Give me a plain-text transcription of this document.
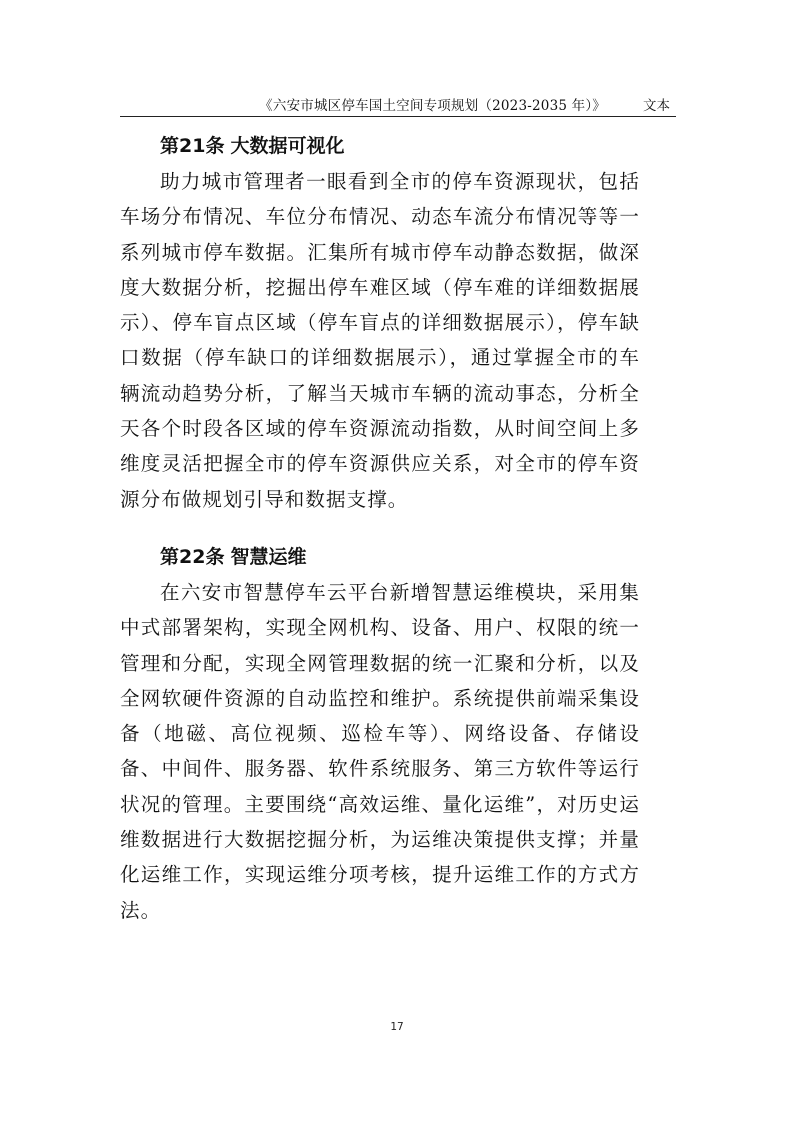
《六安市城区停车国土空间专项规划（2023-2035 年）》	文本
第21条 大数据可视化

助力城市管理者一眼看到全市的停车资源现状，包括车场分布情况、车位分布情况、动态车流分布情况等等一系列城市停车数据。汇集所有城市停车动静态数据，做深度大数据分析，挖掘出停车难区域（停车难的详细数据展示）、停车盲点区域（停车盲点的详细数据展示），停车缺口数据（停车缺口的详细数据展示），通过掌握全市的车辆流动趋势分析，了解当天城市车辆的流动事态，分析全天各个时段各区域的停车资源流动指数，从时间空间上多维度灵活把握全市的停车资源供应关系，对全市的停车资源分布做规划引导和数据支撑。

第22条 智慧运维

在六安市智慧停车云平台新增智慧运维模块，采用集中式部署架构，实现全网机构、设备、用户、权限的统一管理和分配，实现全网管理数据的统一汇聚和分析，以及全网软硬件资源的自动监控和维护。系统提供前端采集设备（地磁、高位视频、巡检车等）、网络设备、存储设备、中间件、服务器、软件系统服务、第三方软件等运行状况的管理。主要围绕“高效运维、量化运维”，对历史运维数据进行大数据挖掘分析，为运维决策提供支撑；并量化运维工作，实现运维分项考核，提升运维工作的方式方法。

17
